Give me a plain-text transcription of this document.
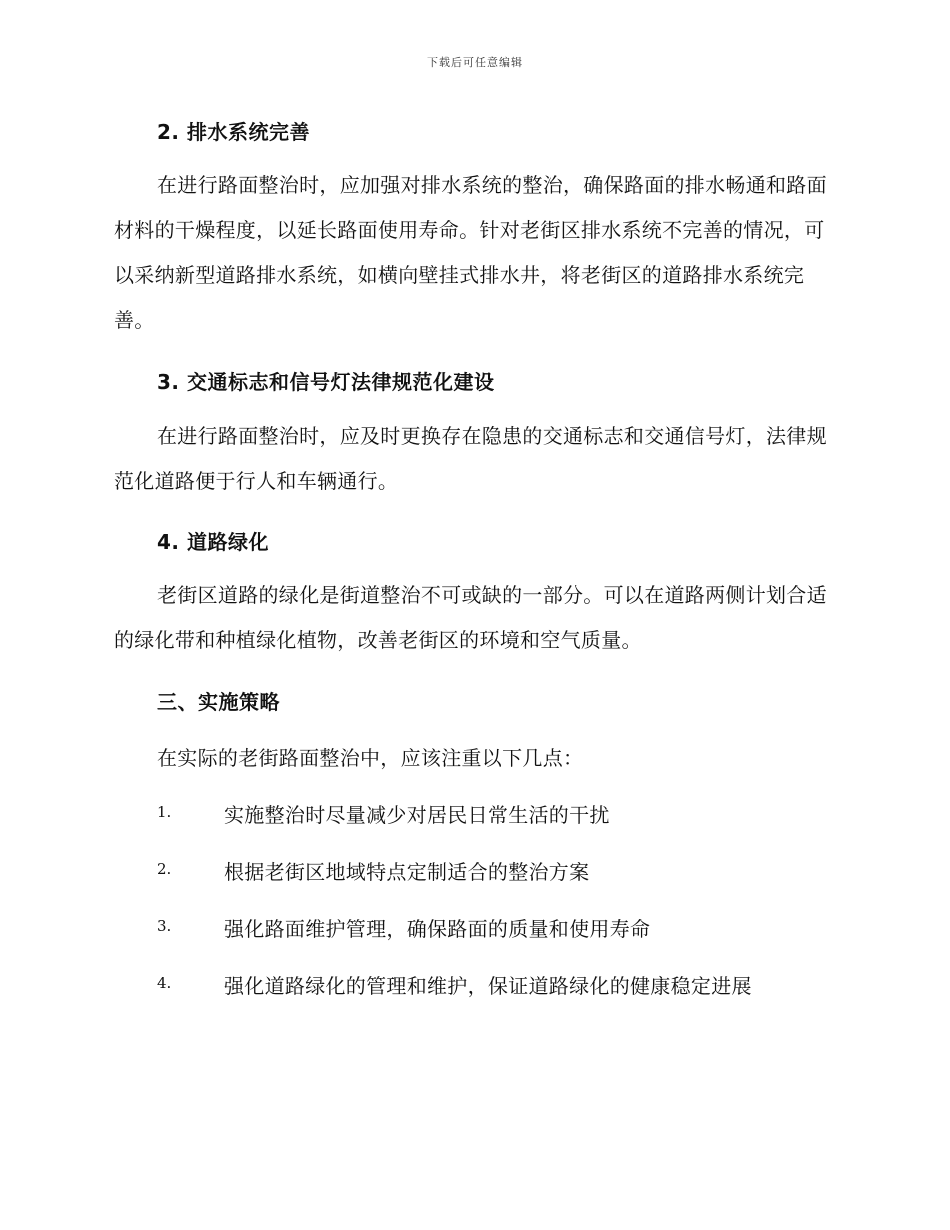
下载后可任意编辑
2. 排水系统完善

在进行路面整治时，应加强对排水系统的整治，确保路面的排水畅通和路面材料的干燥程度，以延长路面使用寿命。针对老街区排水系统不完善的情况，可以采纳新型道路排水系统，如横向壁挂式排水井，将老街区的道路排水系统完善。

3. 交通标志和信号灯法律规范化建设

在进行路面整治时，应及时更换存在隐患的交通标志和交通信号灯，法律规范化道路便于行人和车辆通行。

4. 道路绿化

老街区道路的绿化是街道整治不可或缺的一部分。可以在道路两侧计划合适的绿化带和种植绿化植物，改善老街区的环境和空气质量。

三、实施策略
在实际的老街路面整治中，应该注重以下几点：
1.	实施整治时尽量减少对居民日常生活的干扰
2.	根据老街区地域特点定制适合的整治方案
3.	强化路面维护管理，确保路面的质量和使用寿命
4.	强化道路绿化的管理和维护，保证道路绿化的健康稳定进展
